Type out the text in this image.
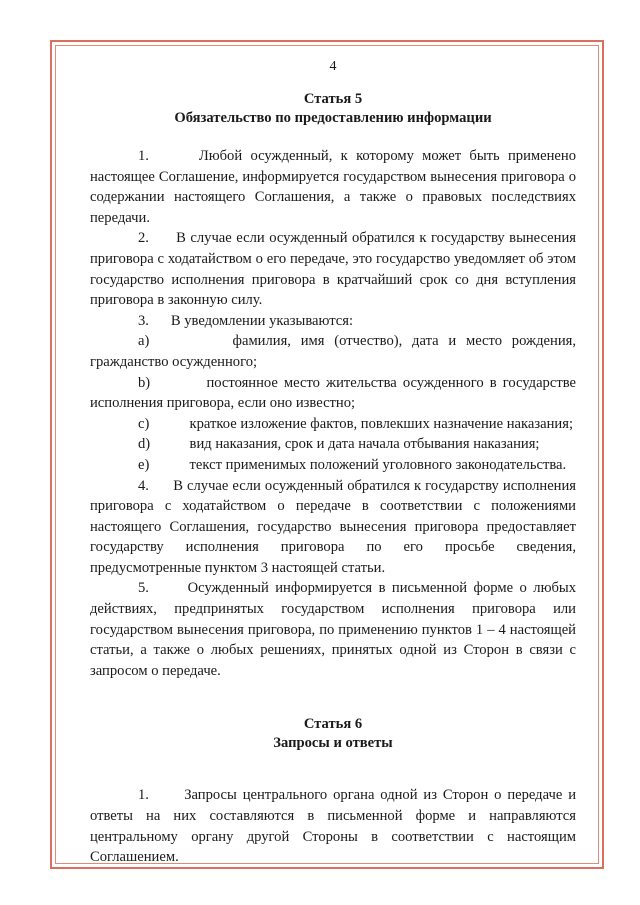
4
Статья 5
Обязательство по предоставлению информации

1.	Любой осужденный, к которому может быть применено настоящее Соглашение, информируется государством вынесения приговора о содержании настоящего Соглашения, а также о правовых последствиях передачи.

2. В случае если осужденный обратился к государству вынесения приговора с ходатайством о его передаче, это государство уведомляет об этом государство исполнения приговора в кратчайший срок со дня вступления приговора в законную силу.

3. В уведомлении указываются:

a)	фамилия, имя (отчество), дата и место рождения, гражданство осужденного;

b)	постоянное место жительства осужденного в государстве исполнения приговора, если оно известно;

c)	краткое изложение фактов, повлекших назначение наказания;

d)	вид наказания, срок и дата начала отбывания наказания;

e)	текст применимых положений уголовного законодательства.

4. В случае если осужденный обратился к государству исполнения приговора с ходатайством о передаче в соответствии с положениями настоящего Соглашения, государство вынесения приговора предоставляет государству исполнения приговора по его просьбе сведения, предусмотренные пунктом 3 настоящей статьи.

5.	Осужденный информируется в письменной форме о любых действиях, предпринятых государством исполнения приговора или государством вынесения приговора, по применению пунктов 1 – 4 настоящей статьи, а также о любых решениях, принятых одной из Сторон в связи с запросом о передаче.

Статья 6
Запросы и ответы

1. Запросы центрального органа одной из Сторон о передаче и ответы на них составляются в письменной форме и направляются центральному органу другой Стороны в соответствии с настоящим Соглашением.
